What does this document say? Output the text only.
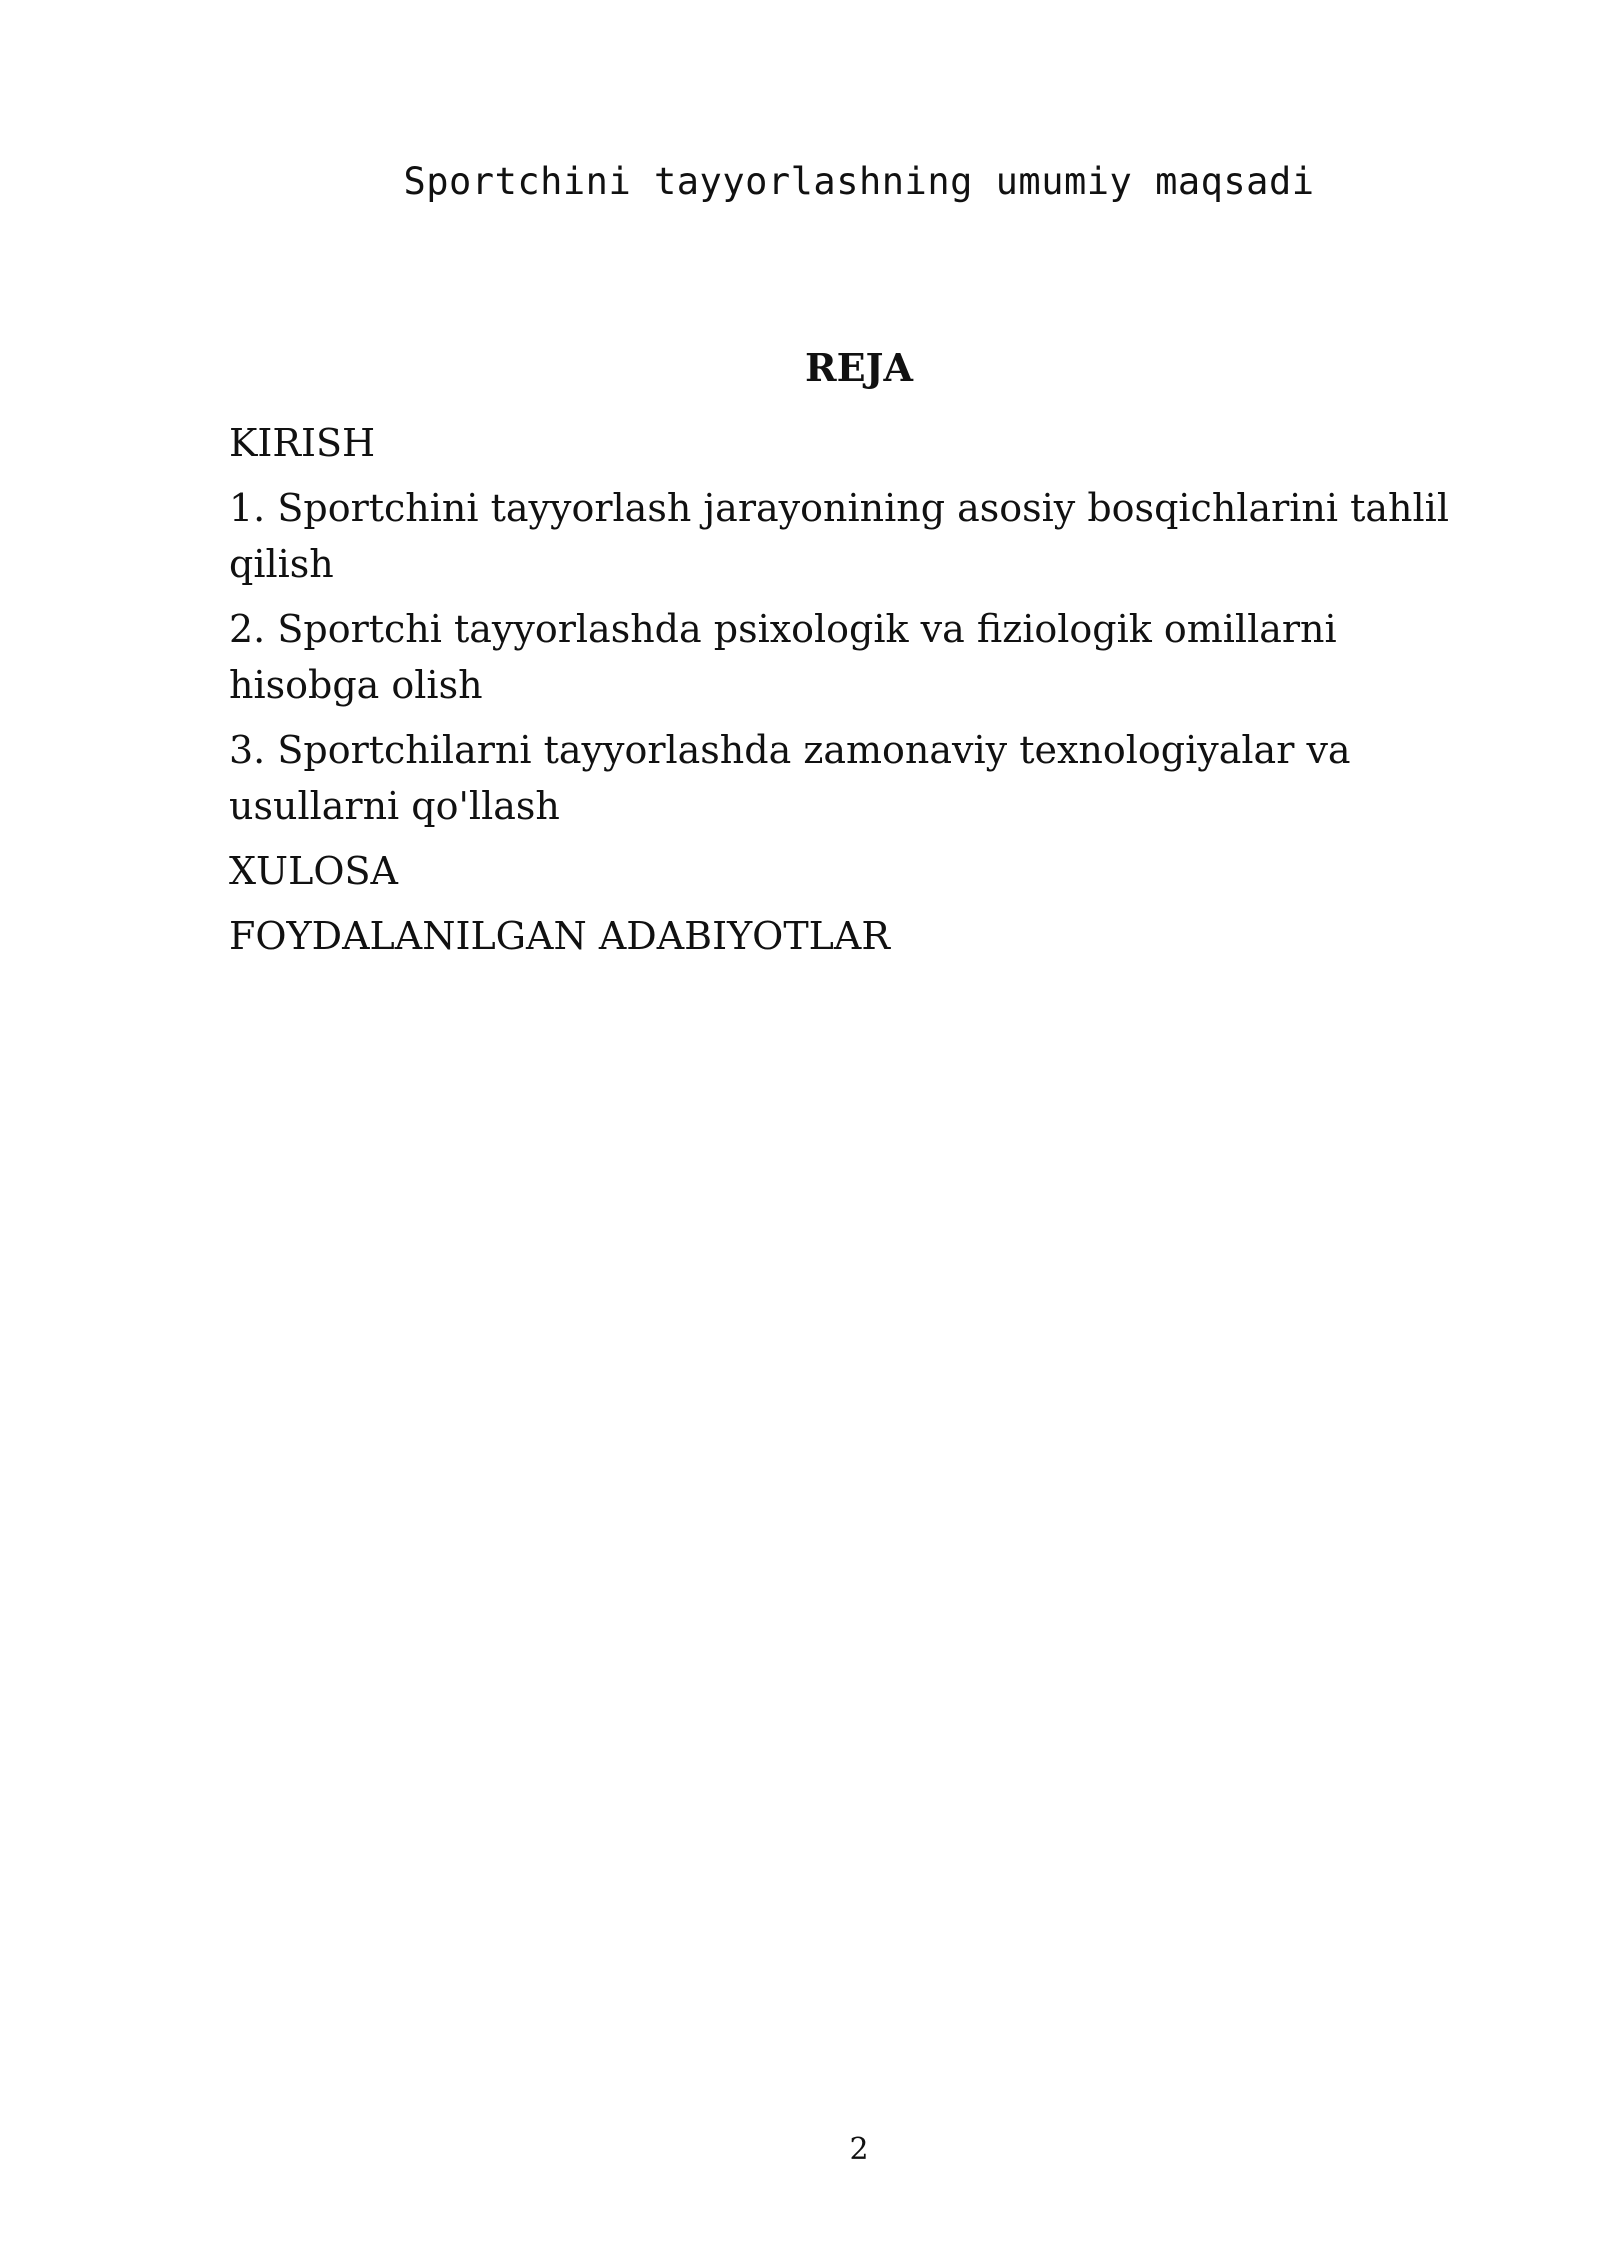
Sportchini tayyorlashning umumiy maqsadi
REJA
KIRISH
1. Sportchini tayyorlash jarayonining asosiy bosqichlarini tahlil qilish
2. Sportchi tayyorlashda psixologik va fiziologik omillarni hisobga olish
3. Sportchilarni tayyorlashda zamonaviy texnologiyalar va usullarni qo'llash
XULOSA
FOYDALANILGAN ADABIYOTLAR
2
